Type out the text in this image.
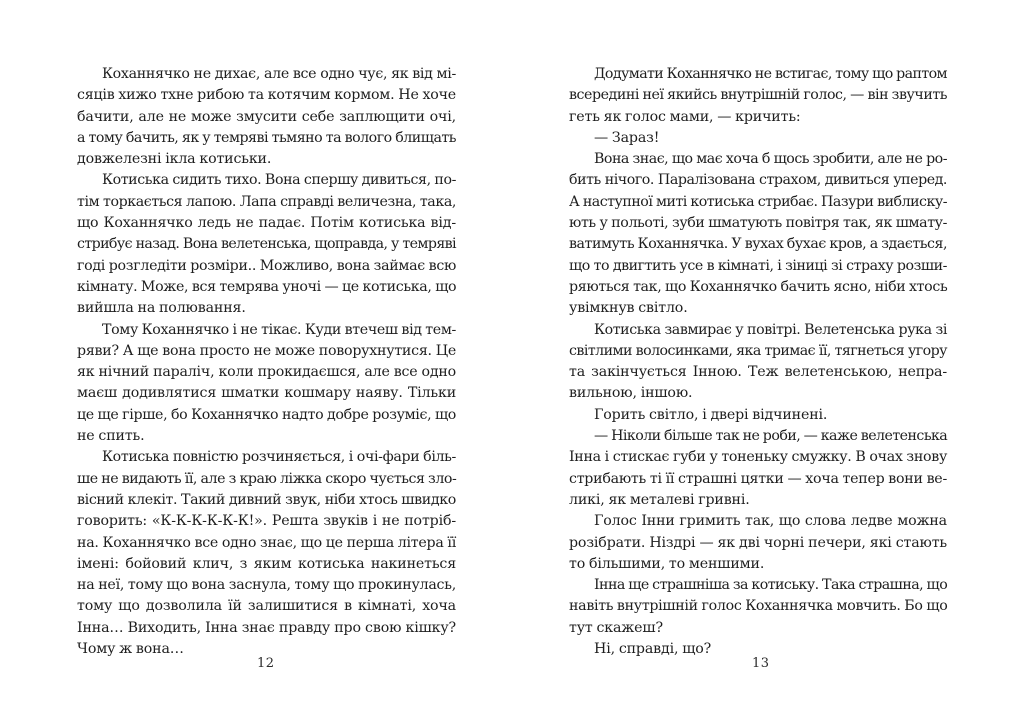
Коханнячко не дихає, але все одно чує, як від мі-
сяців хижо тхне рибою та котячим кормом. Не хоче
бачити, але не може змусити себе заплющити очі,
а тому бачить, як у темряві тьмяно та волого блищать
довжелезні ікла котиськи.
Котиська сидить тихо. Вона спершу дивиться, по-
тім торкається лапою. Лапа справді величезна, така,
що Коханнячко ледь не падає. Потім котиська від-
стрибує назад. Вона велетенська, щоправда, у темряві
годі розгледіти розміри.. Можливо, вона займає всю
кімнату. Може, вся темрява уночі — це котиська, що
вийшла на полювання.
Тому Коханнячко і не тікає. Куди втечеш від тем-
ряви? А ще вона просто не може поворухнутися. Це
як нічний параліч, коли прокидаєшся, але все одно
маєш додивлятися шматки кошмару наяву. Тільки
це ще гірше, бо Коханнячко надто добре розуміє, що
не спить.
Котиська повністю розчиняється, і очі-фари біль-
ше не видають її, але з краю ліжка скоро чується зло-
вісний клекіт. Такий дивний звук, ніби хтось швидко
говорить: «К-К-К-К-К-К!». Решта звуків і не потріб-
на. Коханнячко все одно знає, що це перша літера її
імені: бойовий клич, з яким котиська накинеться
на неї, тому що вона заснула, тому що прокинулась,
тому що дозволила їй залишитися в кімнаті, хоча
Інна… Виходить, Інна знає правду про свою кішку?
Чому ж вона…
12
Додумати Коханнячко не встигає, тому що раптом
всередині неї якийсь внутрішній голос, — він звучить
геть як голос мами, — кричить:
— Зараз!
Вона знає, що має хоча б щось зробити, але не ро-
бить нічого. Паралізована страхом, дивиться уперед.
А наступної миті котиська стрибає. Пазури виблиску-
ють у польоті, зуби шматують повітря так, як шмату-
ватимуть Коханнячка. У вухах бухає кров, а здається,
що то двигтить усе в кімнаті, і зіниці зі страху розши-
ряються так, що Коханнячко бачить ясно, ніби хтось
увімкнув світло.
Котиська завмирає у повітрі. Велетенська рука зі
світлими волосинками, яка тримає її, тягнеться угору
та закінчується Інною. Теж велетенською, непра-
вильною, іншою.
Горить світло, і двері відчинені.
— Ніколи більше так не роби, — каже велетенська
Інна і стискає губи у тоненьку смужку. В очах знову
стрибають ті її страшні цятки — хоча тепер вони ве-
ликі, як металеві гривні.
Голос Інни гримить так, що слова ледве можна
розібрати. Ніздрі — як дві чорні печери, які стають
то більшими, то меншими.
Інна ще страшніша за котиську. Така страшна, що
навіть внутрішній голос Коханнячка мовчить. Бо що
тут скажеш?
Ні, справді, що?
13
